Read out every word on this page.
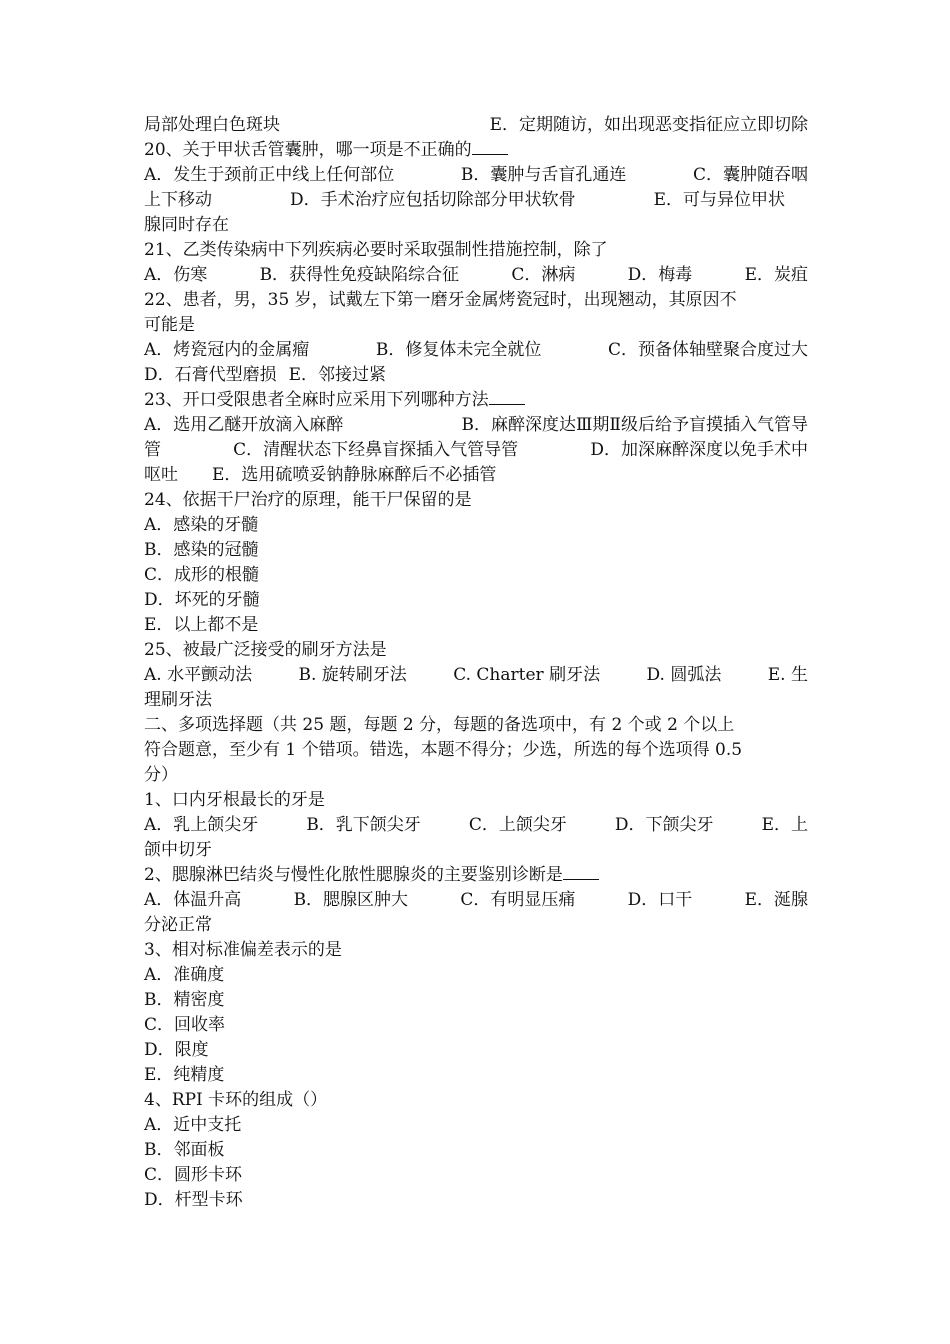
局部处理白色斑块	E．定期随访，如出现恶变指征应立即切除
20、关于甲状舌管囊肿，哪一项是不正确的
A．发生于颈前正中线上任何部位	B．囊肿与舌盲孔通连	C．囊肿随吞咽
上下移动	D．手术治疗应包括切除部分甲状软骨	E．可与异位甲状
腺同时存在
21、乙类传染病中下列疾病必要时采取强制性措施控制，除了
A．伤寒	B．获得性免疫缺陷综合征	C．淋病	D．梅毒	E．炭疽
22、患者，男，35 岁，试戴左下第一磨牙金属烤瓷冠时，出现翘动，其原因不
可能是
A．烤瓷冠内的金属瘤	B．修复体未完全就位	C．预备体轴壁聚合度过大
D．石膏代型磨损 E．邻接过紧
23、开口受限患者全麻时应采用下列哪种方法
A．选用乙醚开放滴入麻醉	B．麻醉深度达Ⅲ期Ⅱ级后给予盲摸插入气管导
管	C．清醒状态下经鼻盲探插入气管导管	D．加深麻醉深度以免手术中
呕吐 E．选用硫喷妥钠静脉麻醉后不必插管
24、依据干尸治疗的原理，能干尸保留的是
A．感染的牙髓
B．感染的冠髓
C．成形的根髓
D．坏死的牙髓
E．以上都不是
25、被最广泛接受的刷牙方法是
A. 水平颤动法	B. 旋转刷牙法	C. Charter 刷牙法	D. 圆弧法	E. 生
理刷牙法
二、多项选择题（共 25 题，每题 2 分，每题的备选项中，有 2 个或 2 个以上
符合题意，至少有 1 个错项。错选，本题不得分；少选，所选的每个选项得 0.5
分）
1、口内牙根最长的牙是
A．乳上颌尖牙	B．乳下颌尖牙	C．上颌尖牙	D．下颌尖牙	E．上
颌中切牙
2、腮腺淋巴结炎与慢性化脓性腮腺炎的主要鉴别诊断是
A．体温升高	B．腮腺区肿大	C．有明显压痛	D．口干	E．涎腺
分泌正常
3、相对标准偏差表示的是
A．准确度
B．精密度
C．回收率
D．限度
E．纯精度
4、RPI 卡环的组成（）
A．近中支托
B．邻面板
C．圆形卡环
D．杆型卡环
